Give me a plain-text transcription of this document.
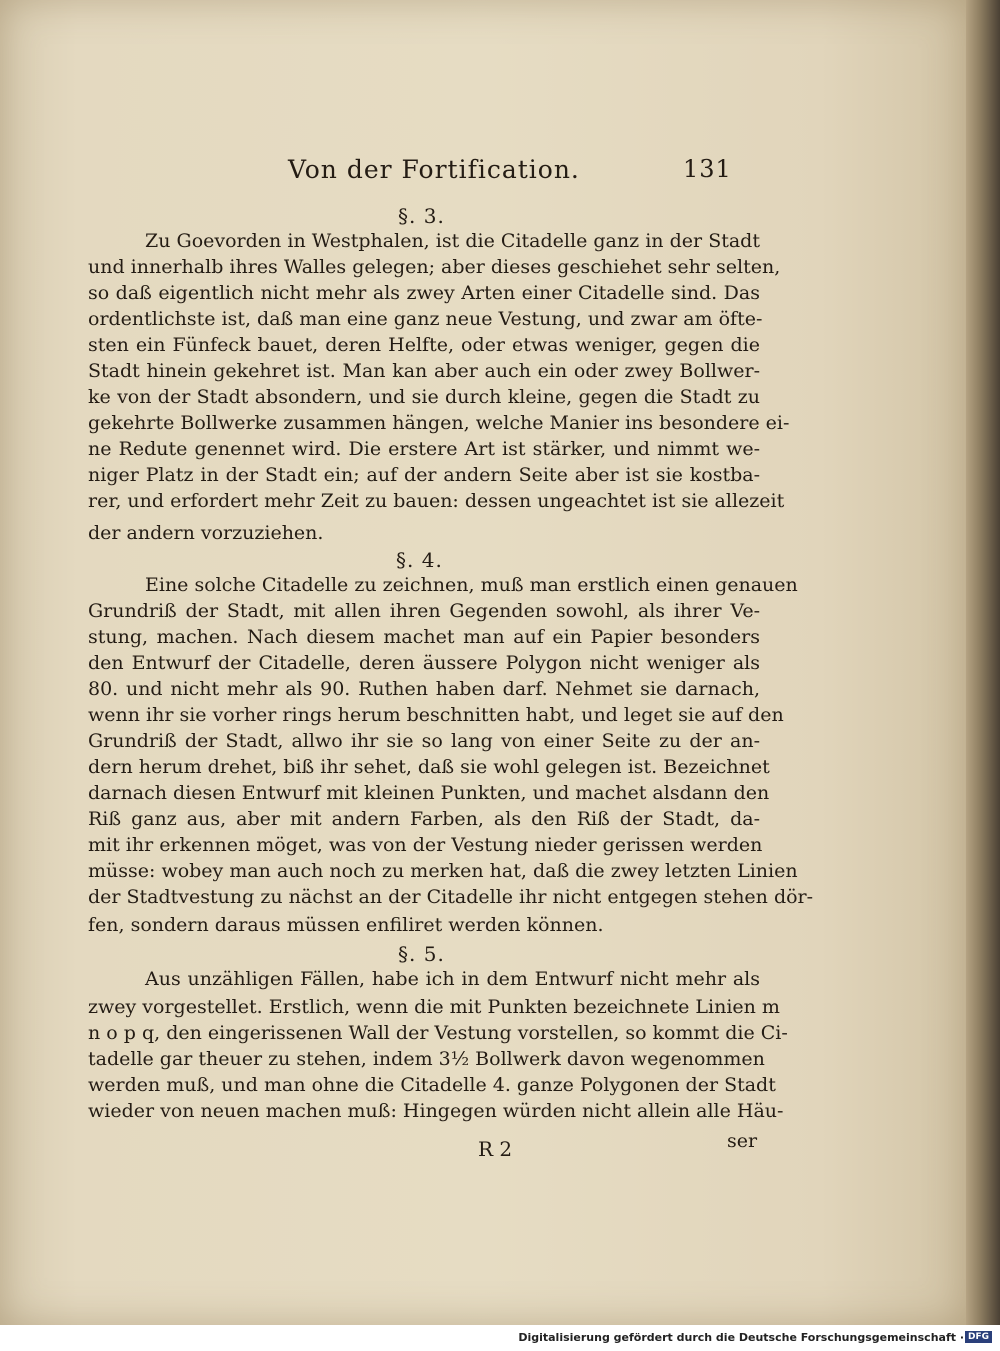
Von der Fortification.	131
§. 3.
Zu Goevorden in Westphalen, ist die Citadelle ganz in der Stadt
und innerhalb ihres Walles gelegen; aber dieses geschiehet sehr selten,
so daß eigentlich nicht mehr als zwey Arten einer Citadelle sind. Das
ordentlichste ist, daß man eine ganz neue Vestung, und zwar am öfte-
sten ein Fünfeck bauet, deren Helfte, oder etwas weniger, gegen die
Stadt hinein gekehret ist. Man kan aber auch ein oder zwey Bollwer-
ke von der Stadt absondern, und sie durch kleine, gegen die Stadt zu
gekehrte Bollwerke zusammen hängen, welche Manier ins besondere ei-
ne Redute genennet wird. Die erstere Art ist stärker, und nimmt we-
niger Platz in der Stadt ein; auf der andern Seite aber ist sie kostba-
rer, und erfordert mehr Zeit zu bauen: dessen ungeachtet ist sie allezeit
der andern vorzuziehen.
§. 4.
Eine solche Citadelle zu zeichnen, muß man erstlich einen genauen
Grundriß der Stadt, mit allen ihren Gegenden sowohl, als ihrer Ve-
stung, machen. Nach diesem machet man auf ein Papier besonders
den Entwurf der Citadelle, deren äussere Polygon nicht weniger als
80. und nicht mehr als 90. Ruthen haben darf. Nehmet sie darnach,
wenn ihr sie vorher rings herum beschnitten habt, und leget sie auf den
Grundriß der Stadt, allwo ihr sie so lang von einer Seite zu der an-
dern herum drehet, biß ihr sehet, daß sie wohl gelegen ist. Bezeichnet
darnach diesen Entwurf mit kleinen Punkten, und machet alsdann den
Riß ganz aus, aber mit andern Farben, als den Riß der Stadt, da-
mit ihr erkennen möget, was von der Vestung nieder gerissen werden
müsse: wobey man auch noch zu merken hat, daß die zwey letzten Linien
der Stadtvestung zu nächst an der Citadelle ihr nicht entgegen stehen dör-
fen, sondern daraus müssen enfiliret werden können.
§. 5.
Aus unzähligen Fällen, habe ich in dem Entwurf nicht mehr als
zwey vorgestellet. Erstlich, wenn die mit Punkten bezeichnete Linien m
n o p q, den eingerissenen Wall der Vestung vorstellen, so kommt die Ci-
tadelle gar theuer zu stehen, indem 3½ Bollwerk davon wegenommen
werden muß, und man ohne die Citadelle 4. ganze Polygonen der Stadt
wieder von neuen machen muß: Hingegen würden nicht allein alle Häu-
R 2	ser
Digitalisierung gefördert durch die Deutsche Forschungsgemeinschaft · DFG
